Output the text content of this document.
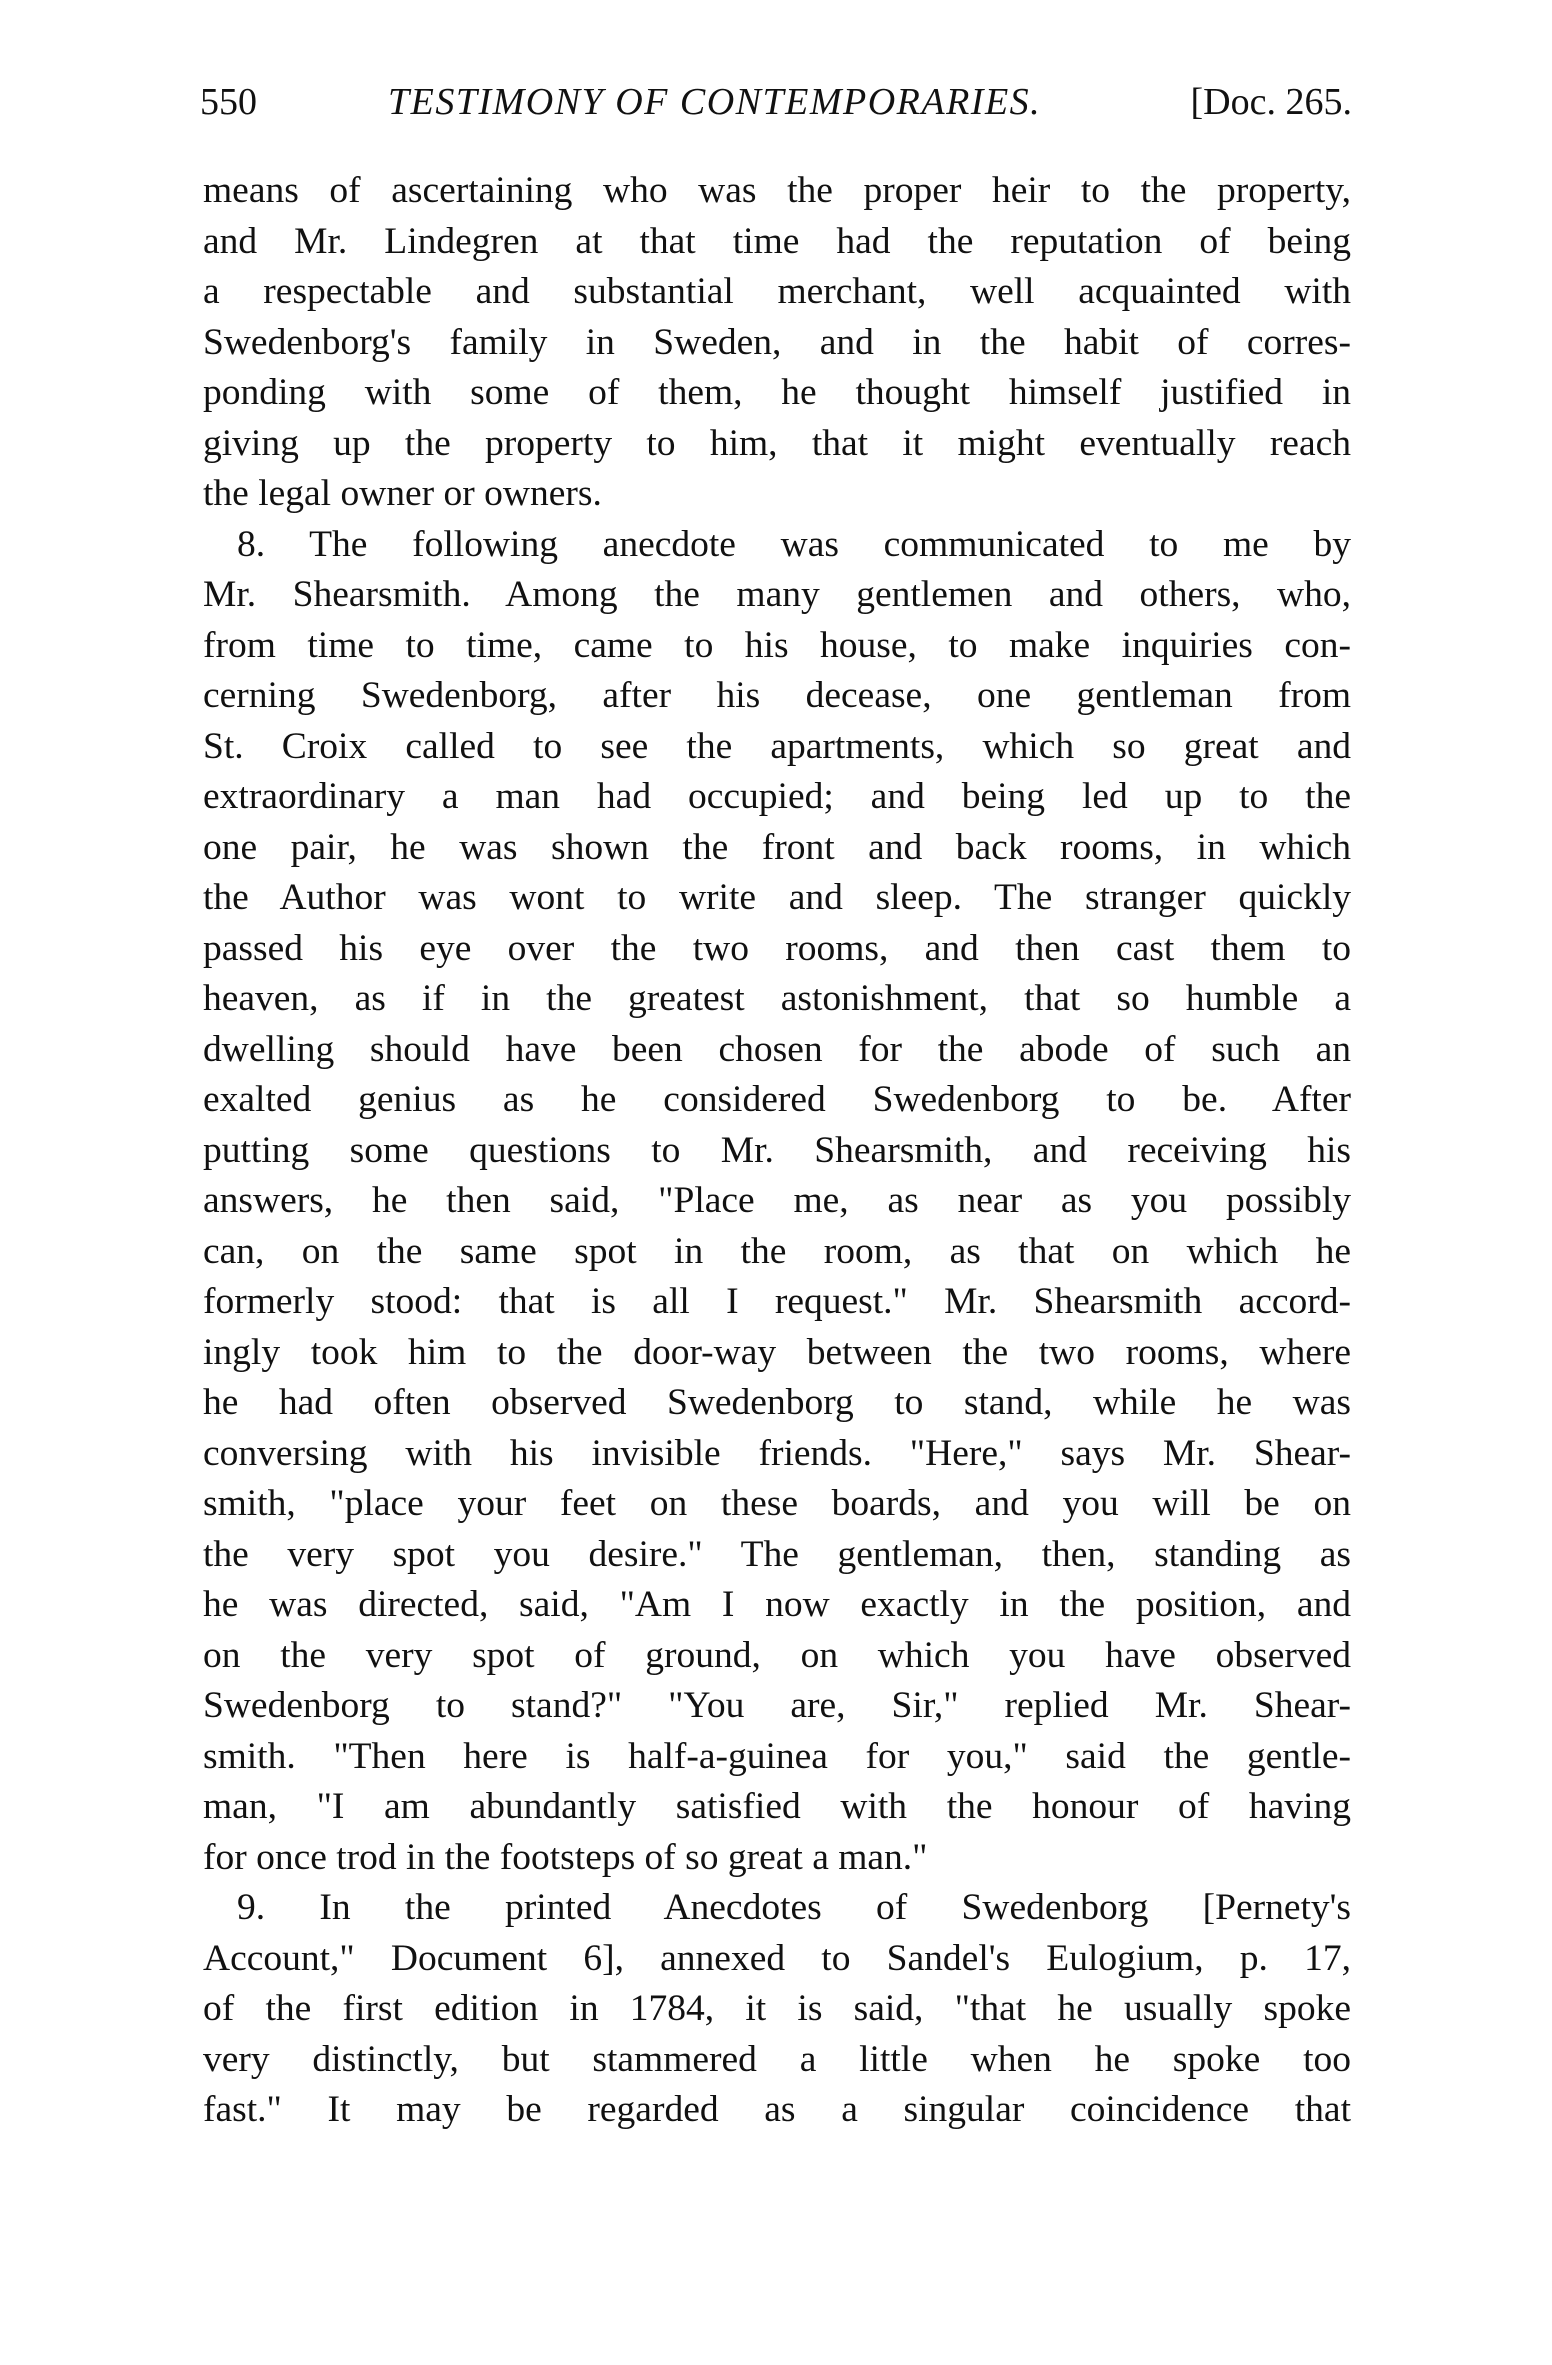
550	TESTIMONY OF CONTEMPORARIES.	[Doc. 265.
means of ascertaining who was the proper heir to the property,
and Mr. Lindegren at that time had the reputation of being
a respectable and substantial merchant, well acquainted with
Swedenborg's family in Sweden, and in the habit of corres-
ponding with some of them, he thought himself justified in
giving up the property to him, that it might eventually reach
the legal owner or owners.
8. The following anecdote was communicated to me by
Mr. Shearsmith. Among the many gentlemen and others, who,
from time to time, came to his house, to make inquiries con-
cerning Swedenborg, after his decease, one gentleman from
St. Croix called to see the apartments, which so great and
extraordinary a man had occupied; and being led up to the
one pair, he was shown the front and back rooms, in which
the Author was wont to write and sleep. The stranger quickly
passed his eye over the two rooms, and then cast them to
heaven, as if in the greatest astonishment, that so humble a
dwelling should have been chosen for the abode of such an
exalted genius as he considered Swedenborg to be. After
putting some questions to Mr. Shearsmith, and receiving his
answers, he then said, "Place me, as near as you possibly
can, on the same spot in the room, as that on which he
formerly stood: that is all I request." Mr. Shearsmith accord-
ingly took him to the door-way between the two rooms, where
he had often observed Swedenborg to stand, while he was
conversing with his invisible friends. "Here," says Mr. Shear-
smith, "place your feet on these boards, and you will be on
the very spot you desire." The gentleman, then, standing as
he was directed, said, "Am I now exactly in the position, and
on the very spot of ground, on which you have observed
Swedenborg to stand?" "You are, Sir," replied Mr. Shear-
smith. "Then here is half-a-guinea for you," said the gentle-
man, "I am abundantly satisfied with the honour of having
for once trod in the footsteps of so great a man."
9. In the printed Anecdotes of Swedenborg [Pernety's
Account," Document 6], annexed to Sandel's Eulogium, p. 17,
of the first edition in 1784, it is said, "that he usually spoke
very distinctly, but stammered a little when he spoke too
fast." It may be regarded as a singular coincidence that
